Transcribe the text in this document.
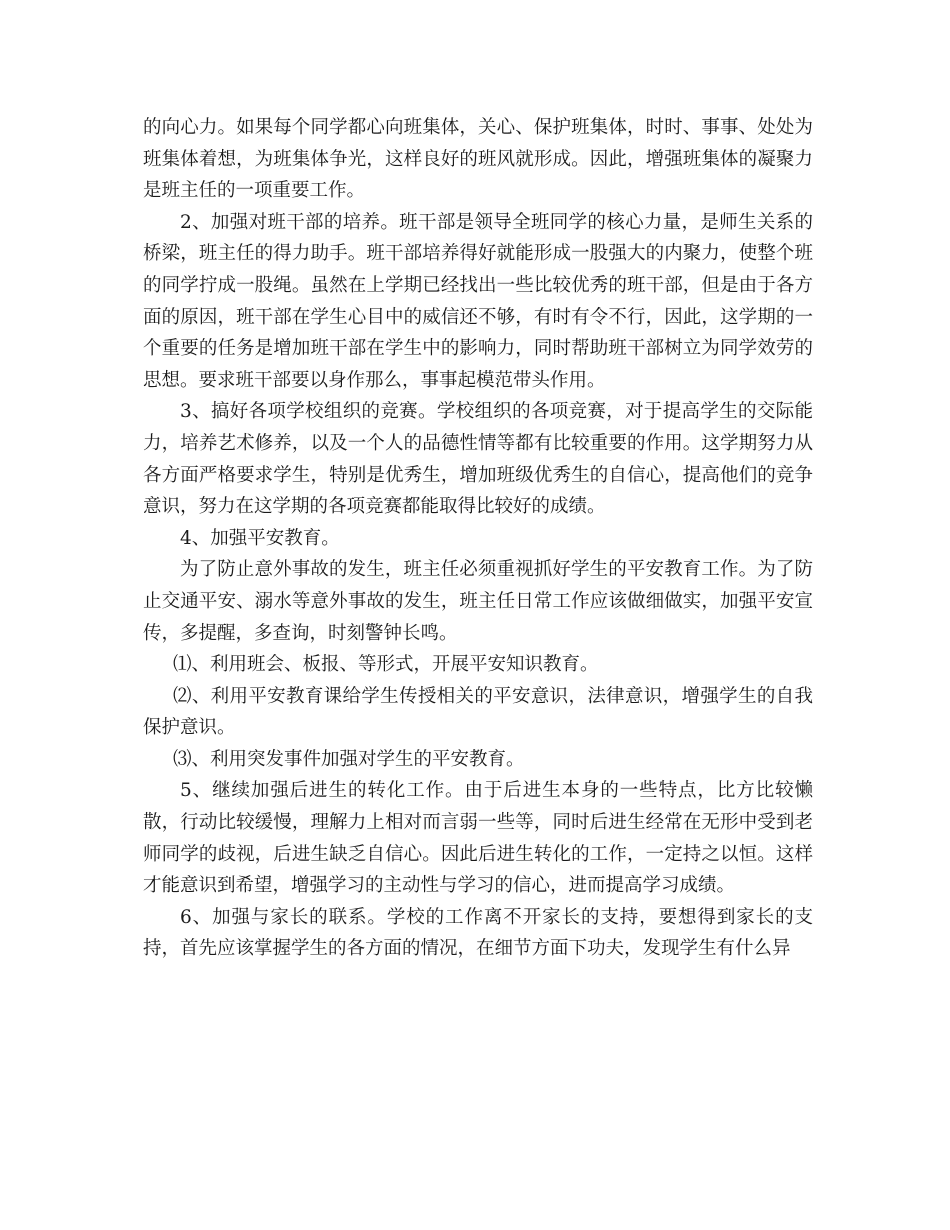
的向心力。如果每个同学都心向班集体，关心、保护班集体，时时、事事、处处为班集体着想，为班集体争光，这样良好的班风就形成。因此，增强班集体的凝聚力是班主任的一项重要工作。

2、加强对班干部的培养。班干部是领导全班同学的核心力量，是师生关系的桥梁，班主任的得力助手。班干部培养得好就能形成一股强大的内聚力，使整个班的同学拧成一股绳。虽然在上学期已经找出一些比较优秀的班干部，但是由于各方面的原因，班干部在学生心目中的威信还不够，有时有令不行，因此，这学期的一个重要的任务是增加班干部在学生中的影响力，同时帮助班干部树立为同学效劳的思想。要求班干部要以身作那么，事事起模范带头作用。

3、搞好各项学校组织的竞赛。学校组织的各项竞赛，对于提高学生的交际能力，培养艺术修养，以及一个人的品德性情等都有比较重要的作用。这学期努力从各方面严格要求学生，特别是优秀生，增加班级优秀生的自信心，提高他们的竞争意识，努力在这学期的各项竞赛都能取得比较好的成绩。

4、加强平安教育。

为了防止意外事故的发生，班主任必须重视抓好学生的平安教育工作。为了防止交通平安、溺水等意外事故的发生，班主任日常工作应该做细做实，加强平安宣传，多提醒，多查询，时刻警钟长鸣。

⑴、利用班会、板报、等形式，开展平安知识教育。

⑵、利用平安教育课给学生传授相关的平安意识，法律意识，增强学生的自我保护意识。

⑶、利用突发事件加强对学生的平安教育。

5、继续加强后进生的转化工作。由于后进生本身的一些特点，比方比较懒散，行动比较缓慢，理解力上相对而言弱一些等，同时后进生经常在无形中受到老师同学的歧视，后进生缺乏自信心。因此后进生转化的工作，一定持之以恒。这样才能意识到希望，增强学习的主动性与学习的信心，进而提高学习成绩。

6、加强与家长的联系。学校的工作离不开家长的支持，要想得到家长的支持，首先应该掌握学生的各方面的情况，在细节方面下功夫，发现学生有什么异
